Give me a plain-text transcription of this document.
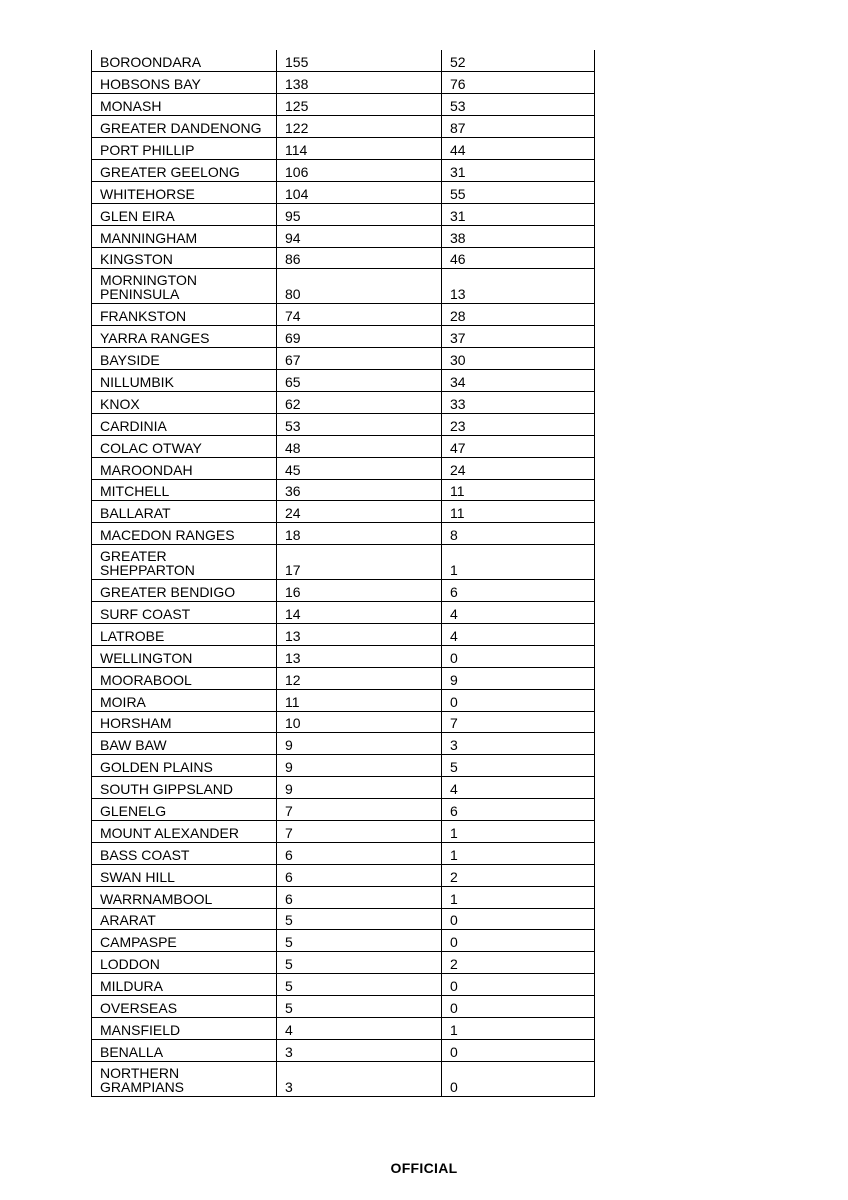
BOROONDARA	155	52
HOBSONS BAY	138	76
MONASH	125	53
GREATER DANDENONG	122	87
PORT PHILLIP	114	44
GREATER GEELONG	106	31
WHITEHORSE	104	55
GLEN EIRA	95	31
MANNINGHAM	94	38
KINGSTON	86	46
MORNINGTON
PENINSULA	80	13
FRANKSTON	74	28
YARRA RANGES	69	37
BAYSIDE	67	30
NILLUMBIK	65	34
KNOX	62	33
CARDINIA	53	23
COLAC OTWAY	48	47
MAROONDAH	45	24
MITCHELL	36	11
BALLARAT	24	11
MACEDON RANGES	18	8
GREATER
SHEPPARTON	17	1
GREATER BENDIGO	16	6
SURF COAST	14	4
LATROBE	13	4
WELLINGTON	13	0
MOORABOOL	12	9
MOIRA	11	0
HORSHAM	10	7
BAW BAW	9	3
GOLDEN PLAINS	9	5
SOUTH GIPPSLAND	9	4
GLENELG	7	6
MOUNT ALEXANDER	7	1
BASS COAST	6	1
SWAN HILL	6	2
WARRNAMBOOL	6	1
ARARAT	5	0
CAMPASPE	5	0
LODDON	5	2
MILDURA	5	0
OVERSEAS	5	0
MANSFIELD	4	1
BENALLA	3	0
NORTHERN
GRAMPIANS	3	0
OFFICIAL
